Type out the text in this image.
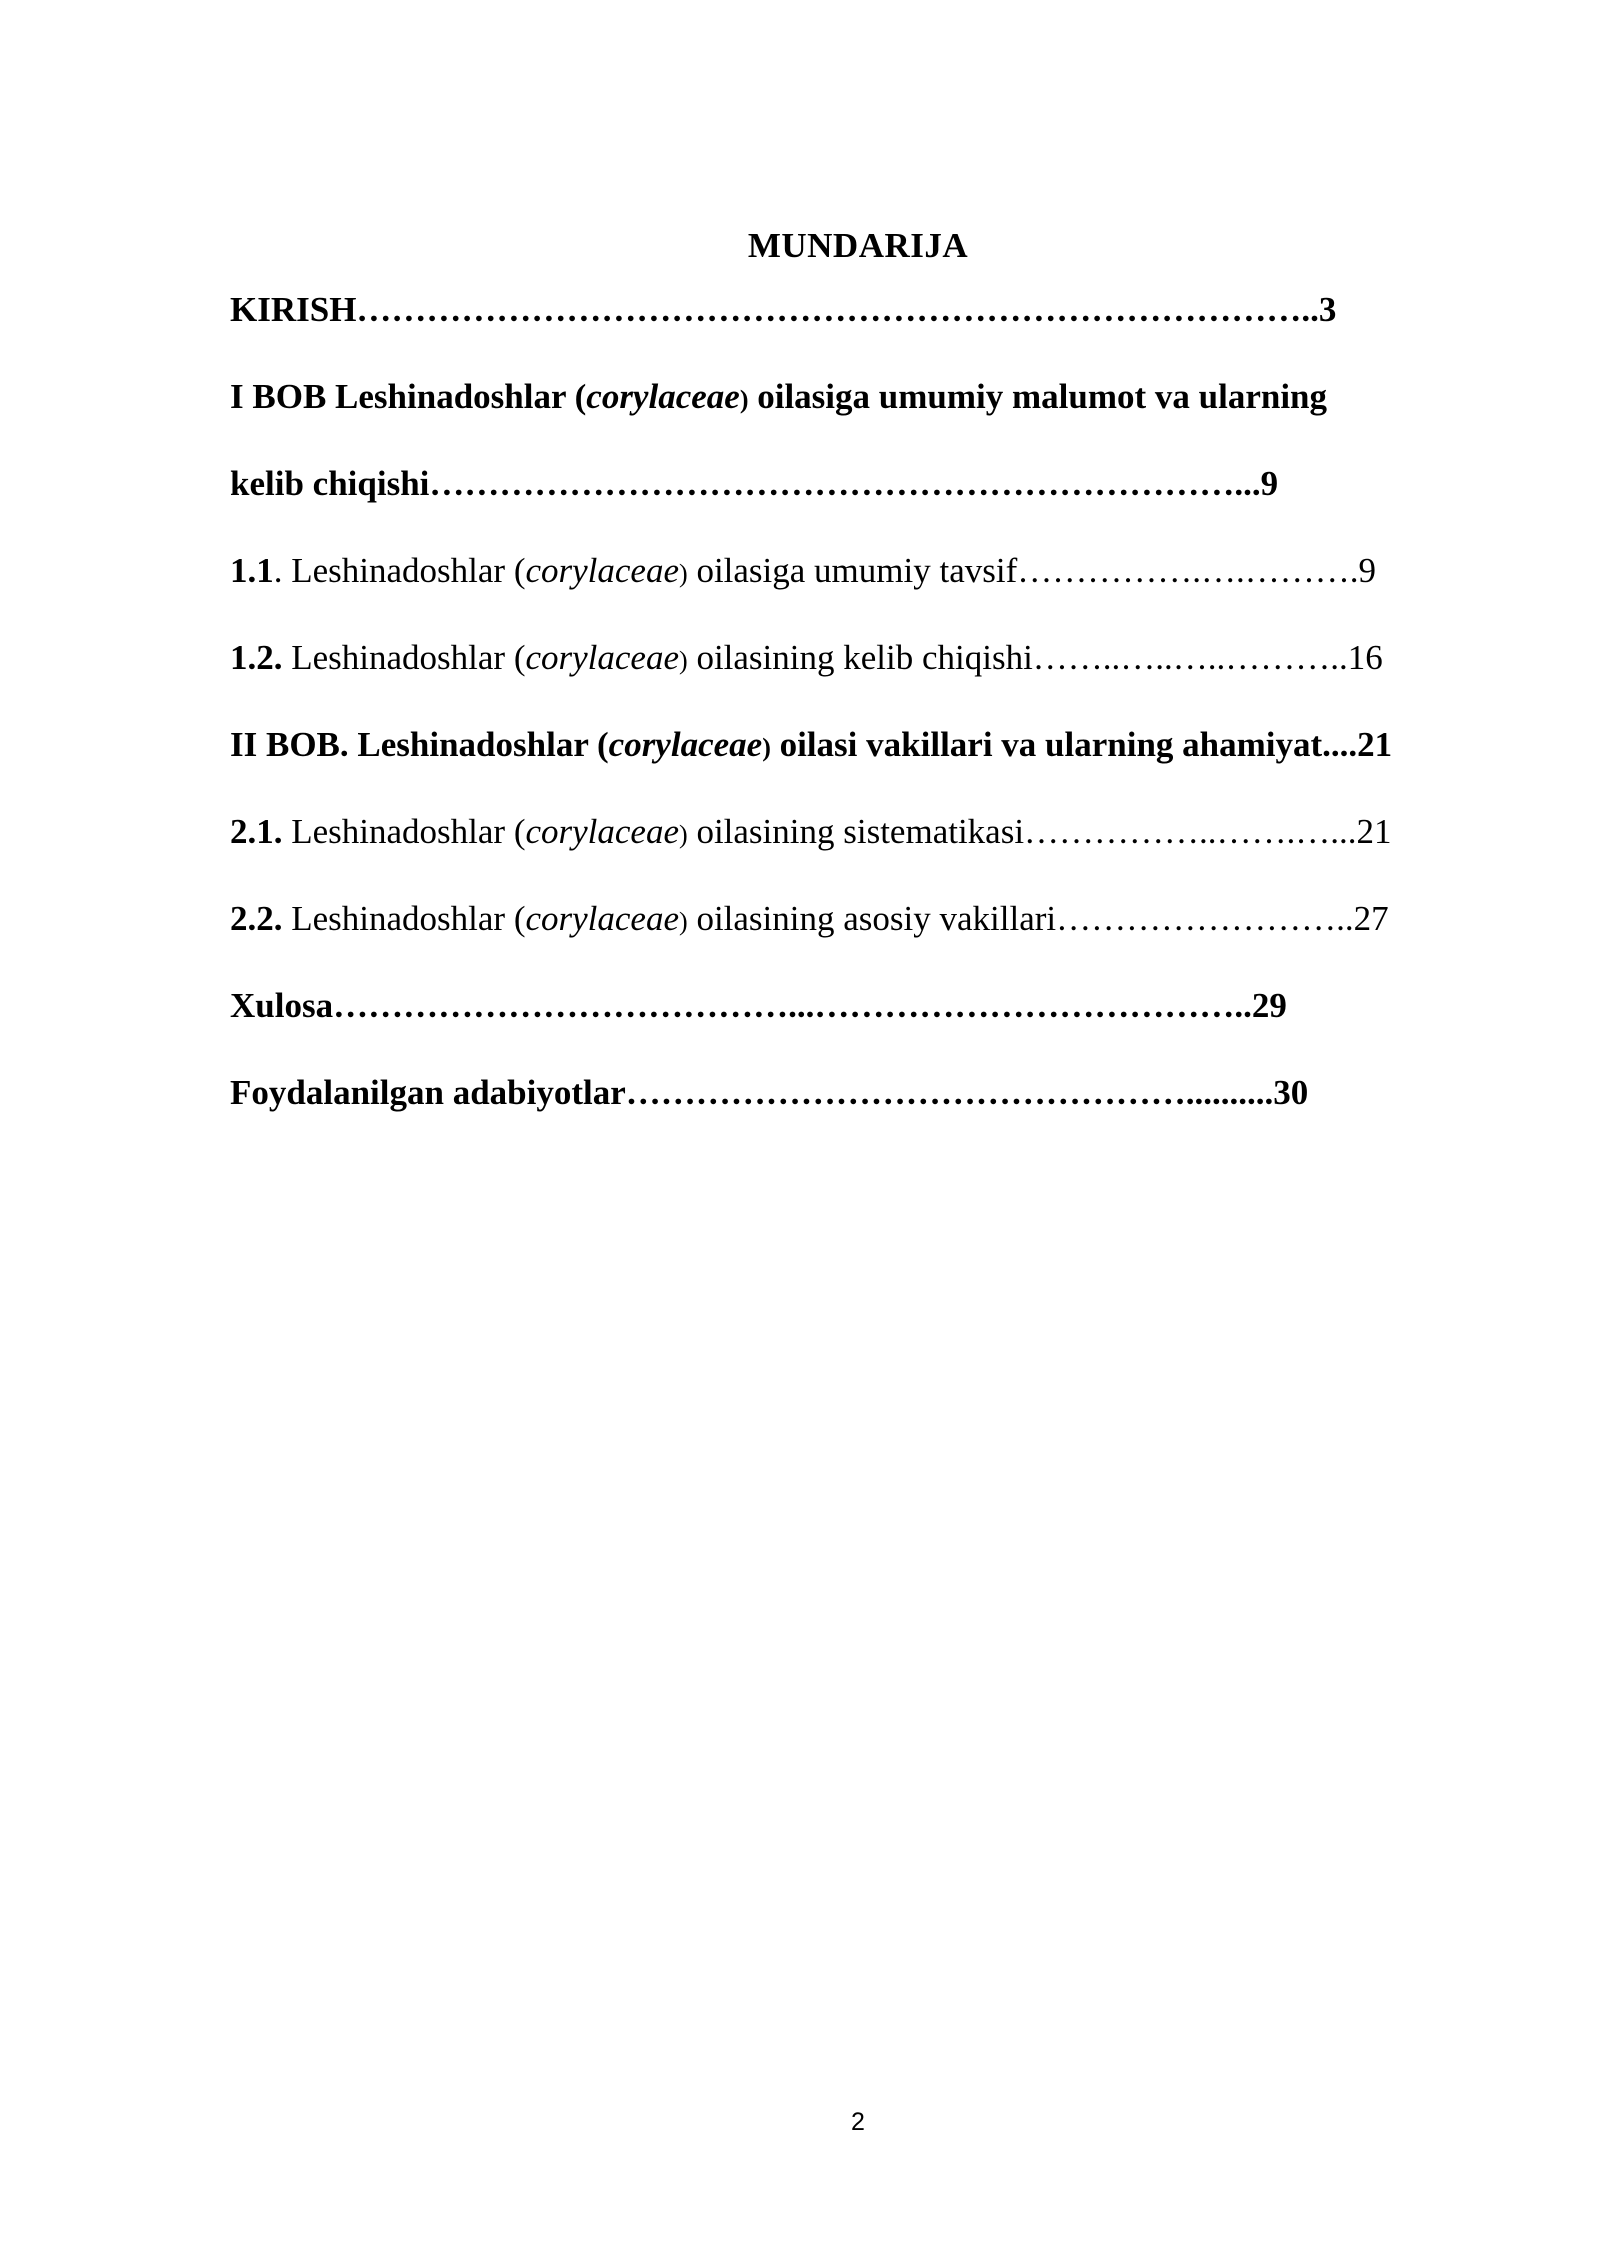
MUNDARIJA
KIRISH………………………………………………………………………..3
I BOB Leshinadoshlar (corylaceae) oilasiga umumiy malumot va ularning
kelib chiqishi……………………………………………………………...9
1.1. Leshinadoshlar (corylaceae) oilasiga umumiy tavsif…………….….……….9
1.2. Leshinadoshlar (corylaceae) oilasining kelib chiqishi……..…..…..………..16
II BOB. Leshinadoshlar (corylaceae) oilasi vakillari va ularning ahamiyat....21
2.1. Leshinadoshlar (corylaceae) oilasining sistematikasi……………..…….…...21
2.2. Leshinadoshlar (corylaceae) oilasining asosiy vakillari……………………..27
Xulosa…………………………………...………………………………..29
Foydalanilgan adabiyotlar…………………………………………..........30
2
